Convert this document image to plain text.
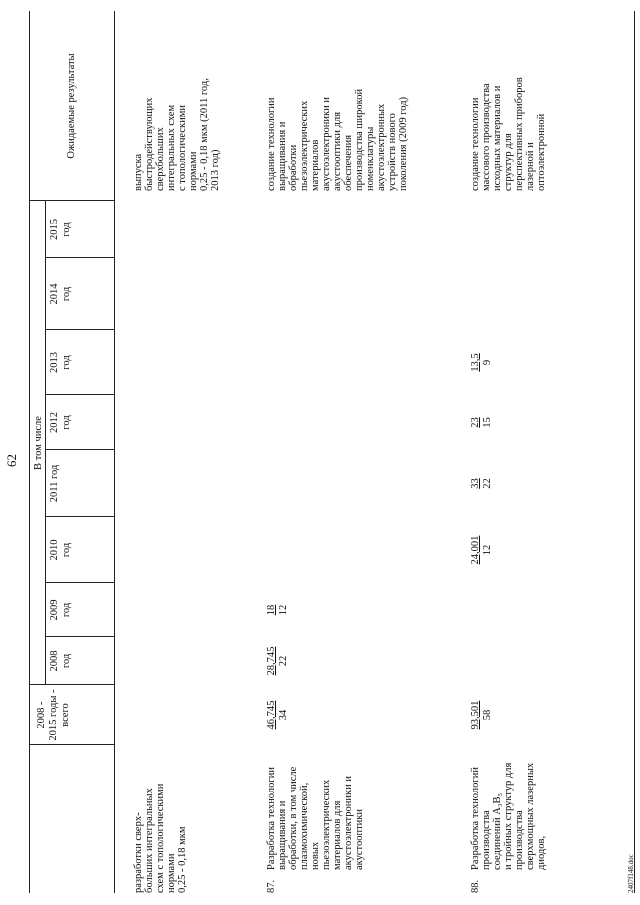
62
2008 - 2015 годы - всего
В том числе
2008 год
2009 год
2010 год
2011 год
2012 год
2013 год
2014 год
2015 год
Ожидаемые результаты
разработки сверх- больших интегральных схем с топологическими нормами 0,25 - 0,18 мкм
выпуска быстродействующих сверхбольших интегральных схем с топологическими нормами 0,25 - 0,18 мкм (2011 год, 2013 год)
87.
Разработка технологии выращивания и обработки, в том числе плазмохимической, новых пьезоэлектрических материалов для акустоэлектроники и акустооптики
46,745 34
28,745 22
18 12
создание технологии выращивания и обработки пьезоэлектрических материалов акустоэлектроники и акустооптики для обеспечения производства широкой номенклатуры акустоэлектронных устройств нового поколения (2009 год)
88.
Разработка технологий производства соединений A₃B₅ и тройных структур для производства сверхмощных лазерных диодов,
93,501 58
24,001 12
33 22
23 15
13,5 9
создание технологии массового производства исходных материалов и структур для перспективных приборов лазерной и оптоэлектронной
2407f148.doc
